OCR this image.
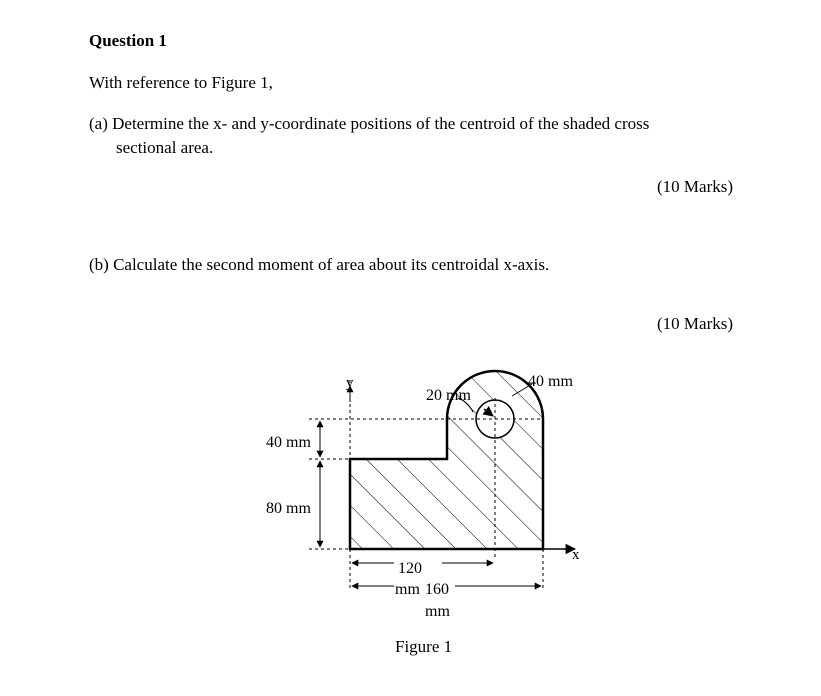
Question 1
With reference to Figure 1,
(a) Determine the x- and y-coordinate positions of the centroid of the shaded cross
sectional area.
(10 Marks)
(b) Calculate the second moment of area about its centroidal x-axis.
(10 Marks)
y
x
20 mm
40 mm
40 mm
80 mm
120
mm 160
mm
Figure 1
